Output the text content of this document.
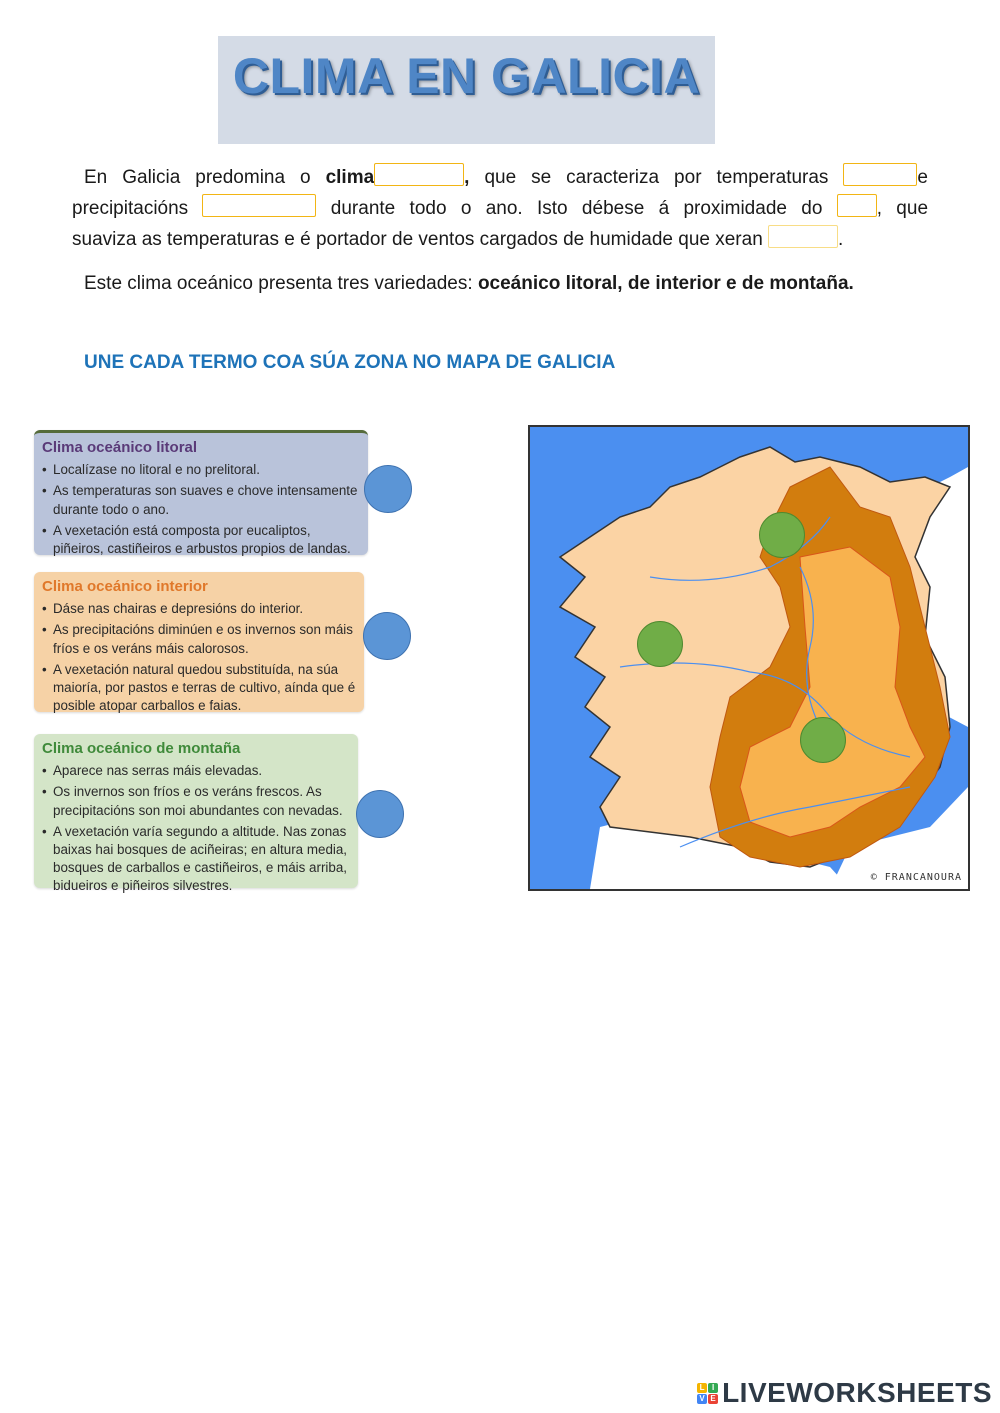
CLIMA EN GALICIA
En Galicia predomina o clima	, que se caracteriza por temperaturas	e
precipitacións	durante todo o ano. Isto débese á proximidade do	, que
suaviza as temperaturas e é portador de ventos cargados de humidade que xeran	.
Este clima oceánico presenta tres variedades: oceánico litoral, de interior e de montaña.
UNE CADA TERMO COA SÚA ZONA NO MAPA DE GALICIA
Clima oceánico litoral
• Localízase no litoral e no prelitoral.
• As temperaturas son suaves e chove intensamente durante todo o ano.
• A vexetación está composta por eucaliptos, piñeiros, castiñeiros e arbustos propios de landas.
Clima oceánico interior
• Dáse nas chairas e depresións do interior.
• As precipitacións diminúen e os invernos son máis fríos e os veráns máis calorosos.
• A vexetación natural quedou substituída, na súa maioría, por pastos e terras de cultivo, aínda que é posible atopar carballos e faias.
Clima oceánico de montaña
• Aparece nas serras máis elevadas.
• Os invernos son fríos e os veráns frescos. As precipitacións son moi abundantes con nevadas.
• A vexetación varía segundo a altitude. Nas zonas baixas hai bosques de aciñeiras; en altura media, bosques de carballos e castiñeiros, e máis arriba, bidueiros e piñeiros silvestres.
© FRANCANOURA
L I
V E LIVEWORKSHEETS
